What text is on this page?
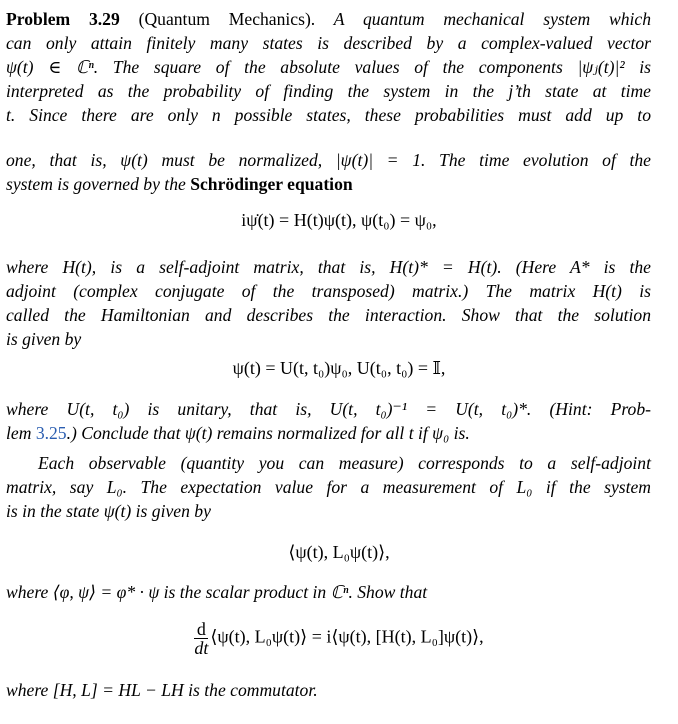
Problem 3.29 (Quantum Mechanics). A quantum mechanical system which
can only attain finitely many states is described by a complex-valued vector
ψ(t) ∈ ℂⁿ. The square of the absolute values of the components |ψⱼ(t)|² is
interpreted as the probability of finding the system in the j’th state at time
t. Since there are only n possible states, these probabilities must add up to
one, that is, ψ(t) must be normalized, |ψ(t)| = 1. The time evolution of the
system is governed by the Schrödinger equation
iψ̇(t) = H(t)ψ(t), ψ(t₀) = ψ₀,
where H(t), is a self-adjoint matrix, that is, H(t)* = H(t). (Here A* is the
adjoint (complex conjugate of the transposed) matrix.) The matrix H(t) is
called the Hamiltonian and describes the interaction. Show that the solution
is given by
ψ(t) = U(t, t₀)ψ₀, U(t₀, t₀) = 𝕀,
where U(t, t₀) is unitary, that is, U(t, t₀)⁻¹ = U(t, t₀)*. (Hint: Prob-
lem 3.25.) Conclude that ψ(t) remains normalized for all t if ψ₀ is.
Each observable (quantity you can measure) corresponds to a self-adjoint
matrix, say L₀. The expectation value for a measurement of L₀ if the system
is in the state ψ(t) is given by
⟨ψ(t), L₀ψ(t)⟩,
where ⟨φ, ψ⟩ = φ* · ψ is the scalar product in ℂⁿ. Show that
$\frac{d}{dt}$ ⟨ψ(t), L₀ψ(t)⟩ = i⟨ψ(t), [H(t), L₀]ψ(t)⟩,
where [H, L] = HL − LH is the commutator.
